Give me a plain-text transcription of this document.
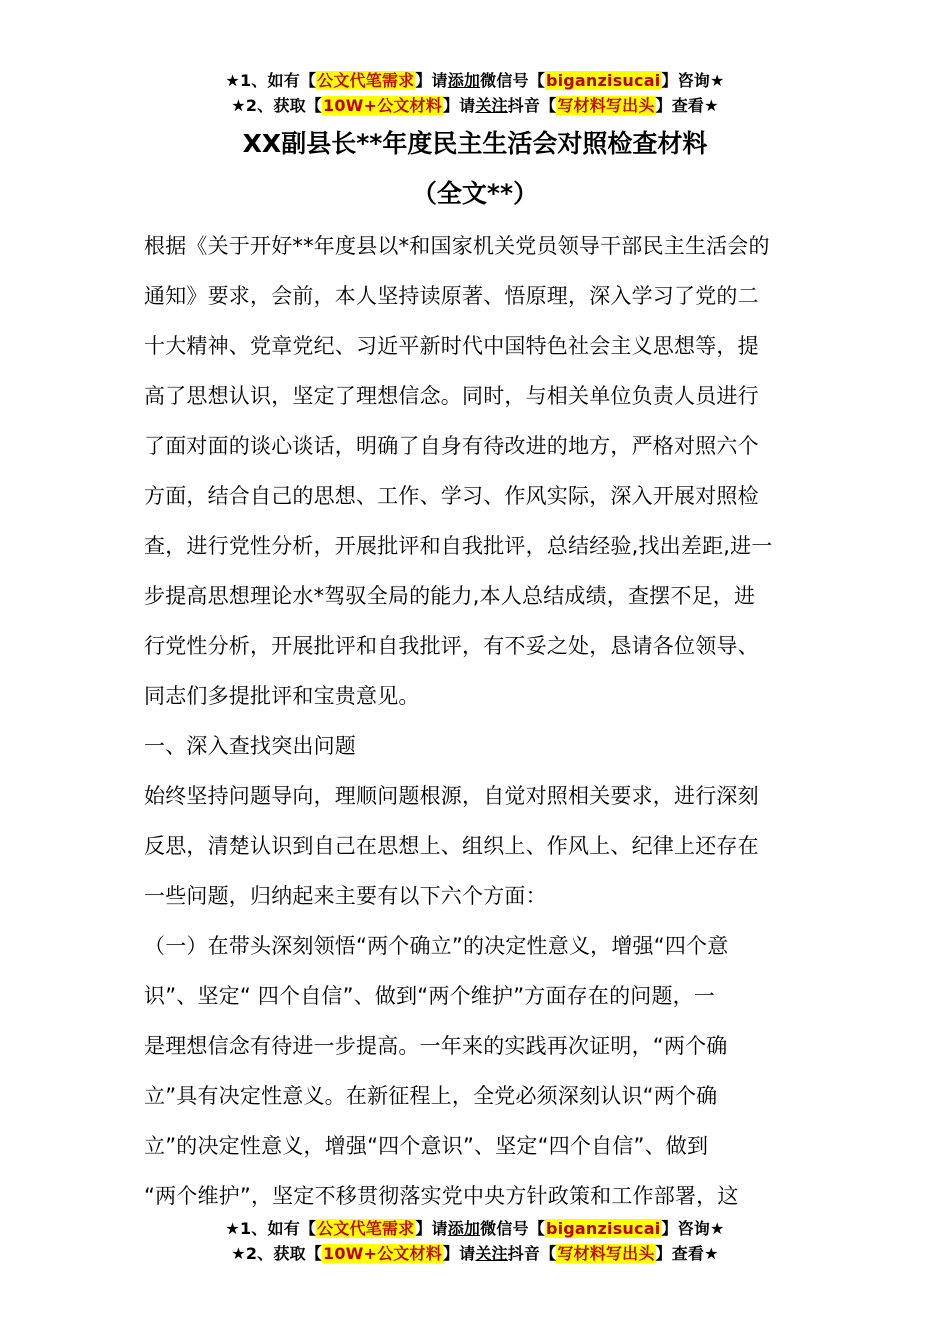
★1、如有【公文代笔需求】请添加微信号【biganzisucai】咨询★
★2、获取【10W+公文材料】请关注抖音【写材料写出头】查看★
XX副县长**年度民主生活会对照检查材料
（全文**）

根据《关于开好**年度县以*和国家机关党员领导干部民主生活会的

通知》要求，会前，本人坚持读原著、悟原理，深入学习了党的二

十大精神、党章党纪、习近平新时代中国特色社会主义思想等，提

高了思想认识，坚定了理想信念。同时，与相关单位负责人员进行

了面对面的谈心谈话，明确了自身有待改进的地方，严格对照六个

方面，结合自己的思想、工作、学习、作风实际，深入开展对照检

查，进行党性分析，开展批评和自我批评，总结经验,找出差距,进一

步提高思想理论水*驾驭全局的能力,本人总结成绩，查摆不足，进

行党性分析，开展批评和自我批评，有不妥之处，恳请各位领导、

同志们多提批评和宝贵意见。

一、深入查找突出问题

始终坚持问题导向，理顺问题根源，自觉对照相关要求，进行深刻

反思，清楚认识到自己在思想上、组织上、作风上、纪律上还存在

一些问题，归纳起来主要有以下六个方面：

（一）在带头深刻领悟“两个确立”的决定性意义，增强“四个意

识”、坚定“ 四个自信”、做到“两个维护”方面存在的问题，一

是理想信念有待进一步提高。一年来的实践再次证明，“两个确

立”具有决定性意义。在新征程上，全党必须深刻认识“两个确

立”的决定性意义，增强“四个意识”、坚定“四个自信”、做到

“两个维护”，坚定不移贯彻落实党中央方针政策和工作部署，这

★1、如有【公文代笔需求】请添加微信号【biganzisucai】咨询★
★2、获取【10W+公文材料】请关注抖音【写材料写出头】查看★
